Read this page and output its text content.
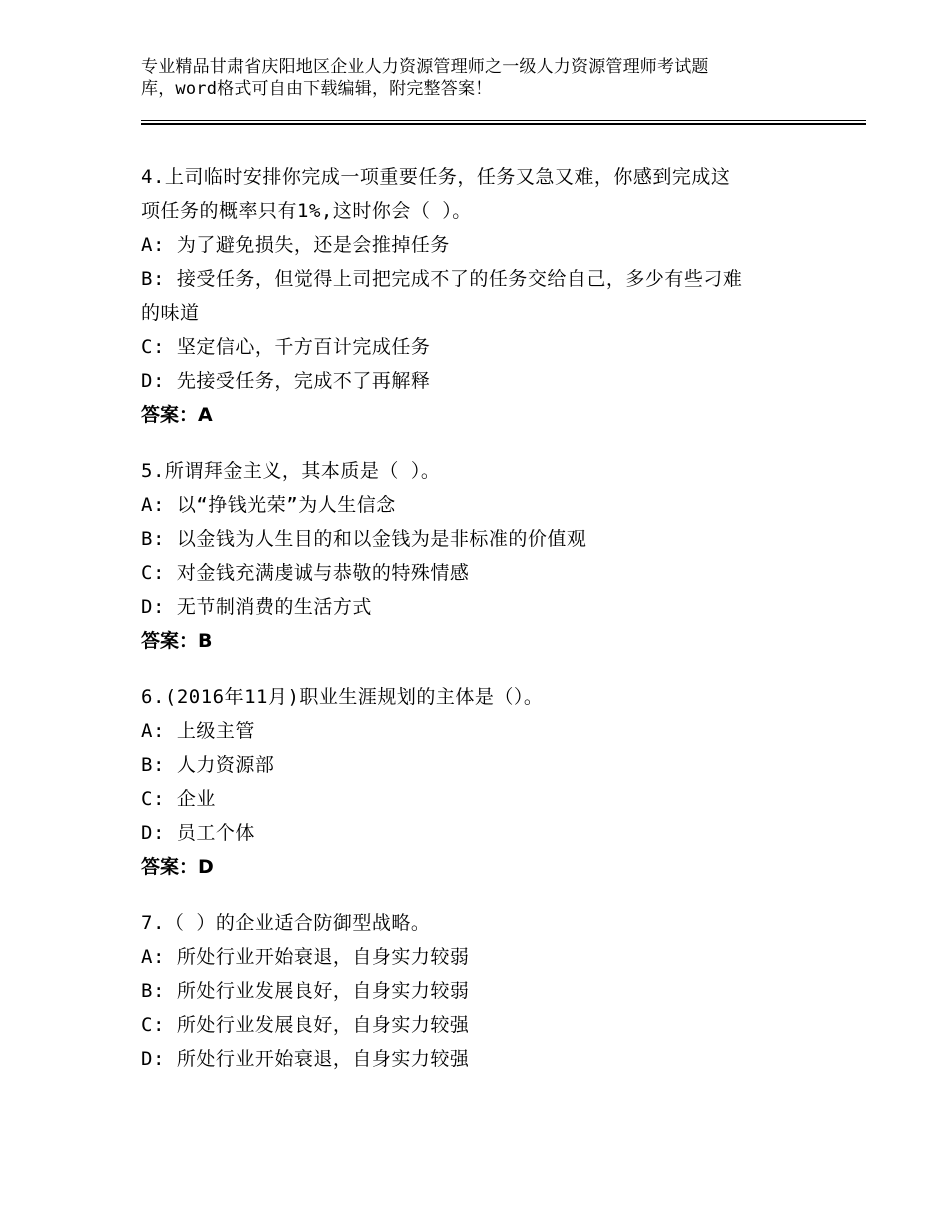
专业精品甘肃省庆阳地区企业人力资源管理师之一级人力资源管理师考试题
库，word格式可自由下载编辑，附完整答案！

4.上司临时安排你完成一项重要任务，任务又急又难，你感到完成这

项任务的概率只有1%,这时你会（ ）。

A: 为了避免损失，还是会推掉任务

B: 接受任务，但觉得上司把完成不了的任务交给自己，多少有些刁难

的味道

C: 坚定信心，千方百计完成任务

D: 先接受任务，完成不了再解释

答案：A

5.所谓拜金主义，其本质是（ ）。

A: 以“挣钱光荣”为人生信念

B: 以金钱为人生目的和以金钱为是非标准的价值观

C: 对金钱充满虔诚与恭敬的特殊情感

D: 无节制消费的生活方式

答案：B

6.(2016年11月)职业生涯规划的主体是（）。

A: 上级主管

B: 人力资源部

C: 企业

D: 员工个体

答案：D

7.（ ）的企业适合防御型战略。

A: 所处行业开始衰退，自身实力较弱

B: 所处行业发展良好，自身实力较弱

C: 所处行业发展良好，自身实力较强

D: 所处行业开始衰退，自身实力较强
